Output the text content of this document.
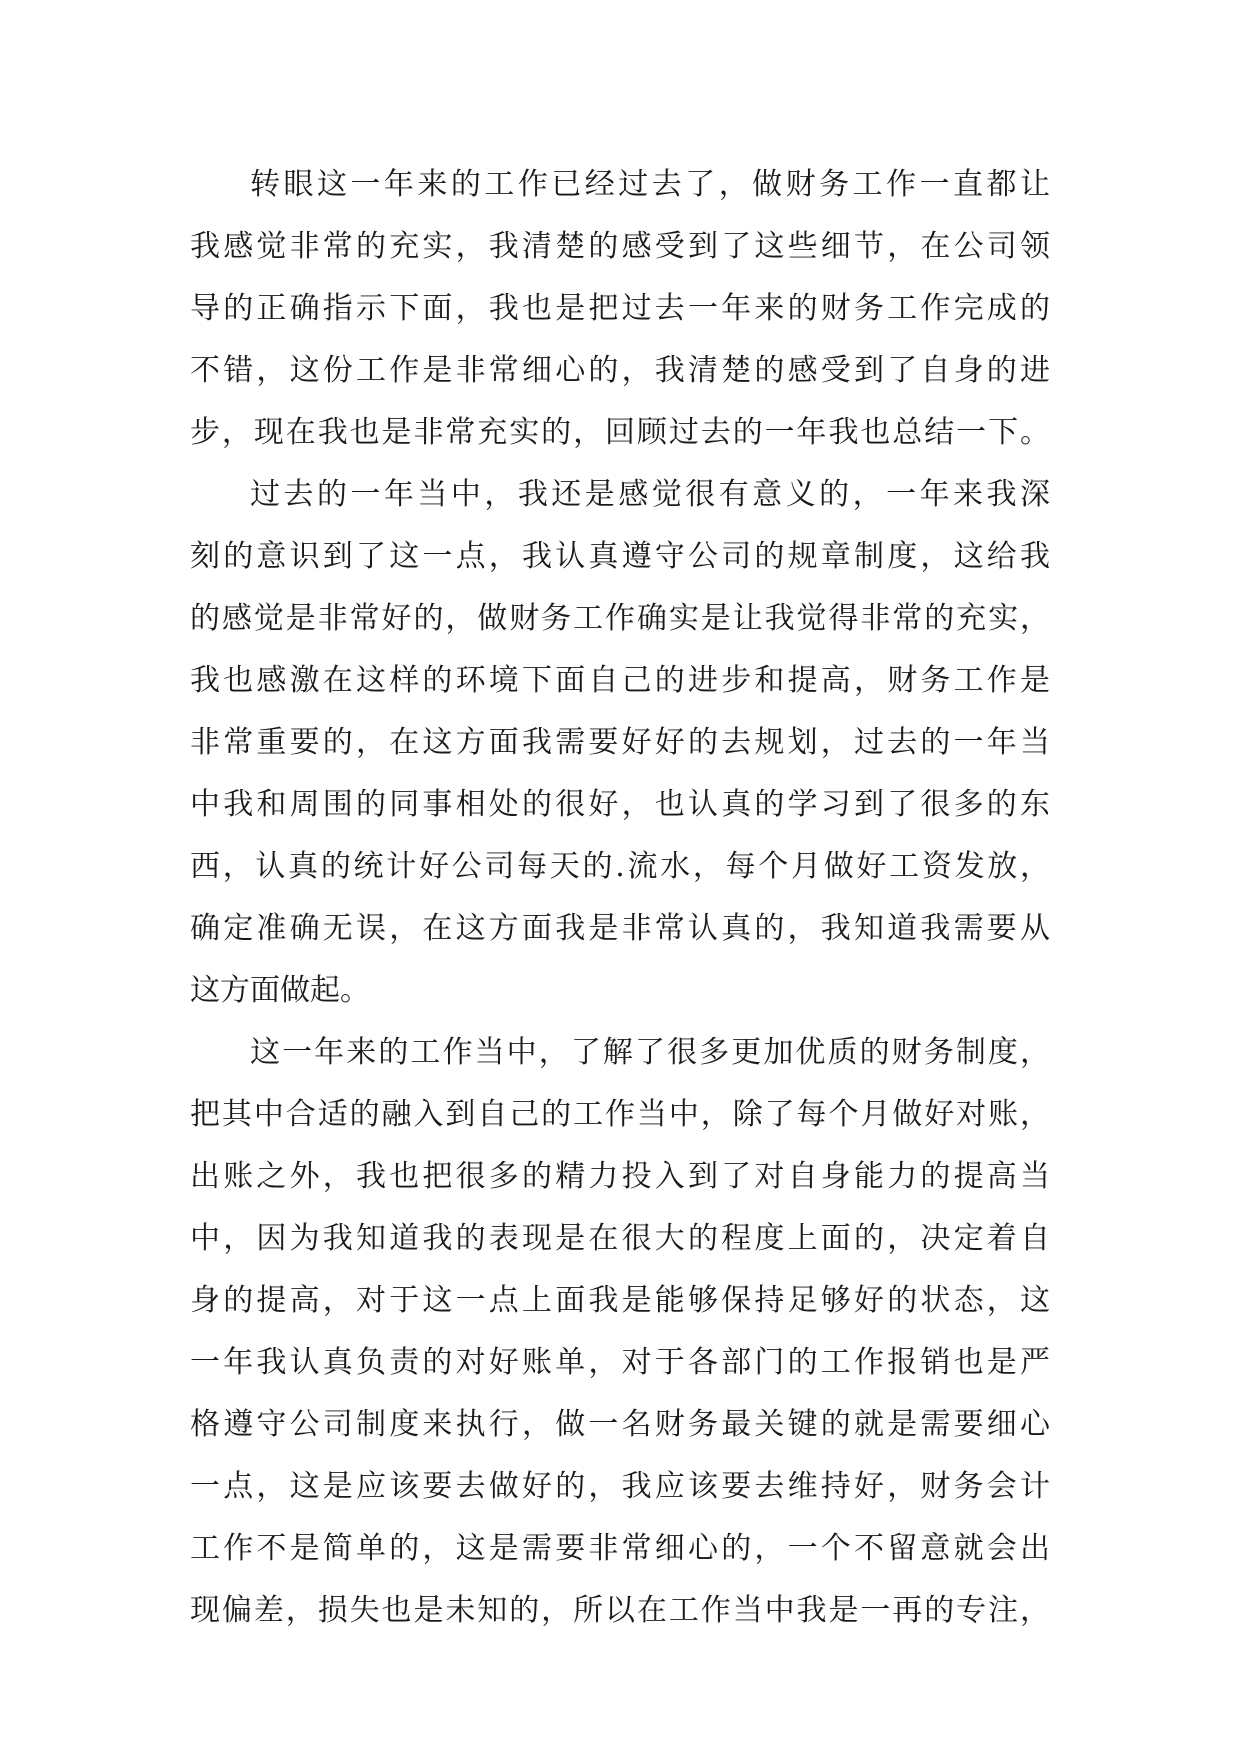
转眼这一年来的工作已经过去了，做财务工作一直都让
我感觉非常的充实，我清楚的感受到了这些细节，在公司领
导的正确指示下面，我也是把过去一年来的财务工作完成的
不错，这份工作是非常细心的，我清楚的感受到了自身的进
步，现在我也是非常充实的，回顾过去的一年我也总结一下。
过去的一年当中，我还是感觉很有意义的，一年来我深
刻的意识到了这一点，我认真遵守公司的规章制度，这给我
的感觉是非常好的，做财务工作确实是让我觉得非常的充实，
我也感激在这样的环境下面自己的进步和提高，财务工作是
非常重要的，在这方面我需要好好的去规划，过去的一年当
中我和周围的同事相处的很好，也认真的学习到了很多的东
西，认真的统计好公司每天的.流水，每个月做好工资发放，
确定准确无误，在这方面我是非常认真的，我知道我需要从
这方面做起。
这一年来的工作当中，了解了很多更加优质的财务制度，
把其中合适的融入到自己的工作当中，除了每个月做好对账，
出账之外，我也把很多的精力投入到了对自身能力的提高当
中，因为我知道我的表现是在很大的程度上面的，决定着自
身的提高，对于这一点上面我是能够保持足够好的状态，这
一年我认真负责的对好账单，对于各部门的工作报销也是严
格遵守公司制度来执行，做一名财务最关键的就是需要细心
一点，这是应该要去做好的，我应该要去维持好，财务会计
工作不是简单的，这是需要非常细心的，一个不留意就会出
现偏差，损失也是未知的，所以在工作当中我是一再的专注，
